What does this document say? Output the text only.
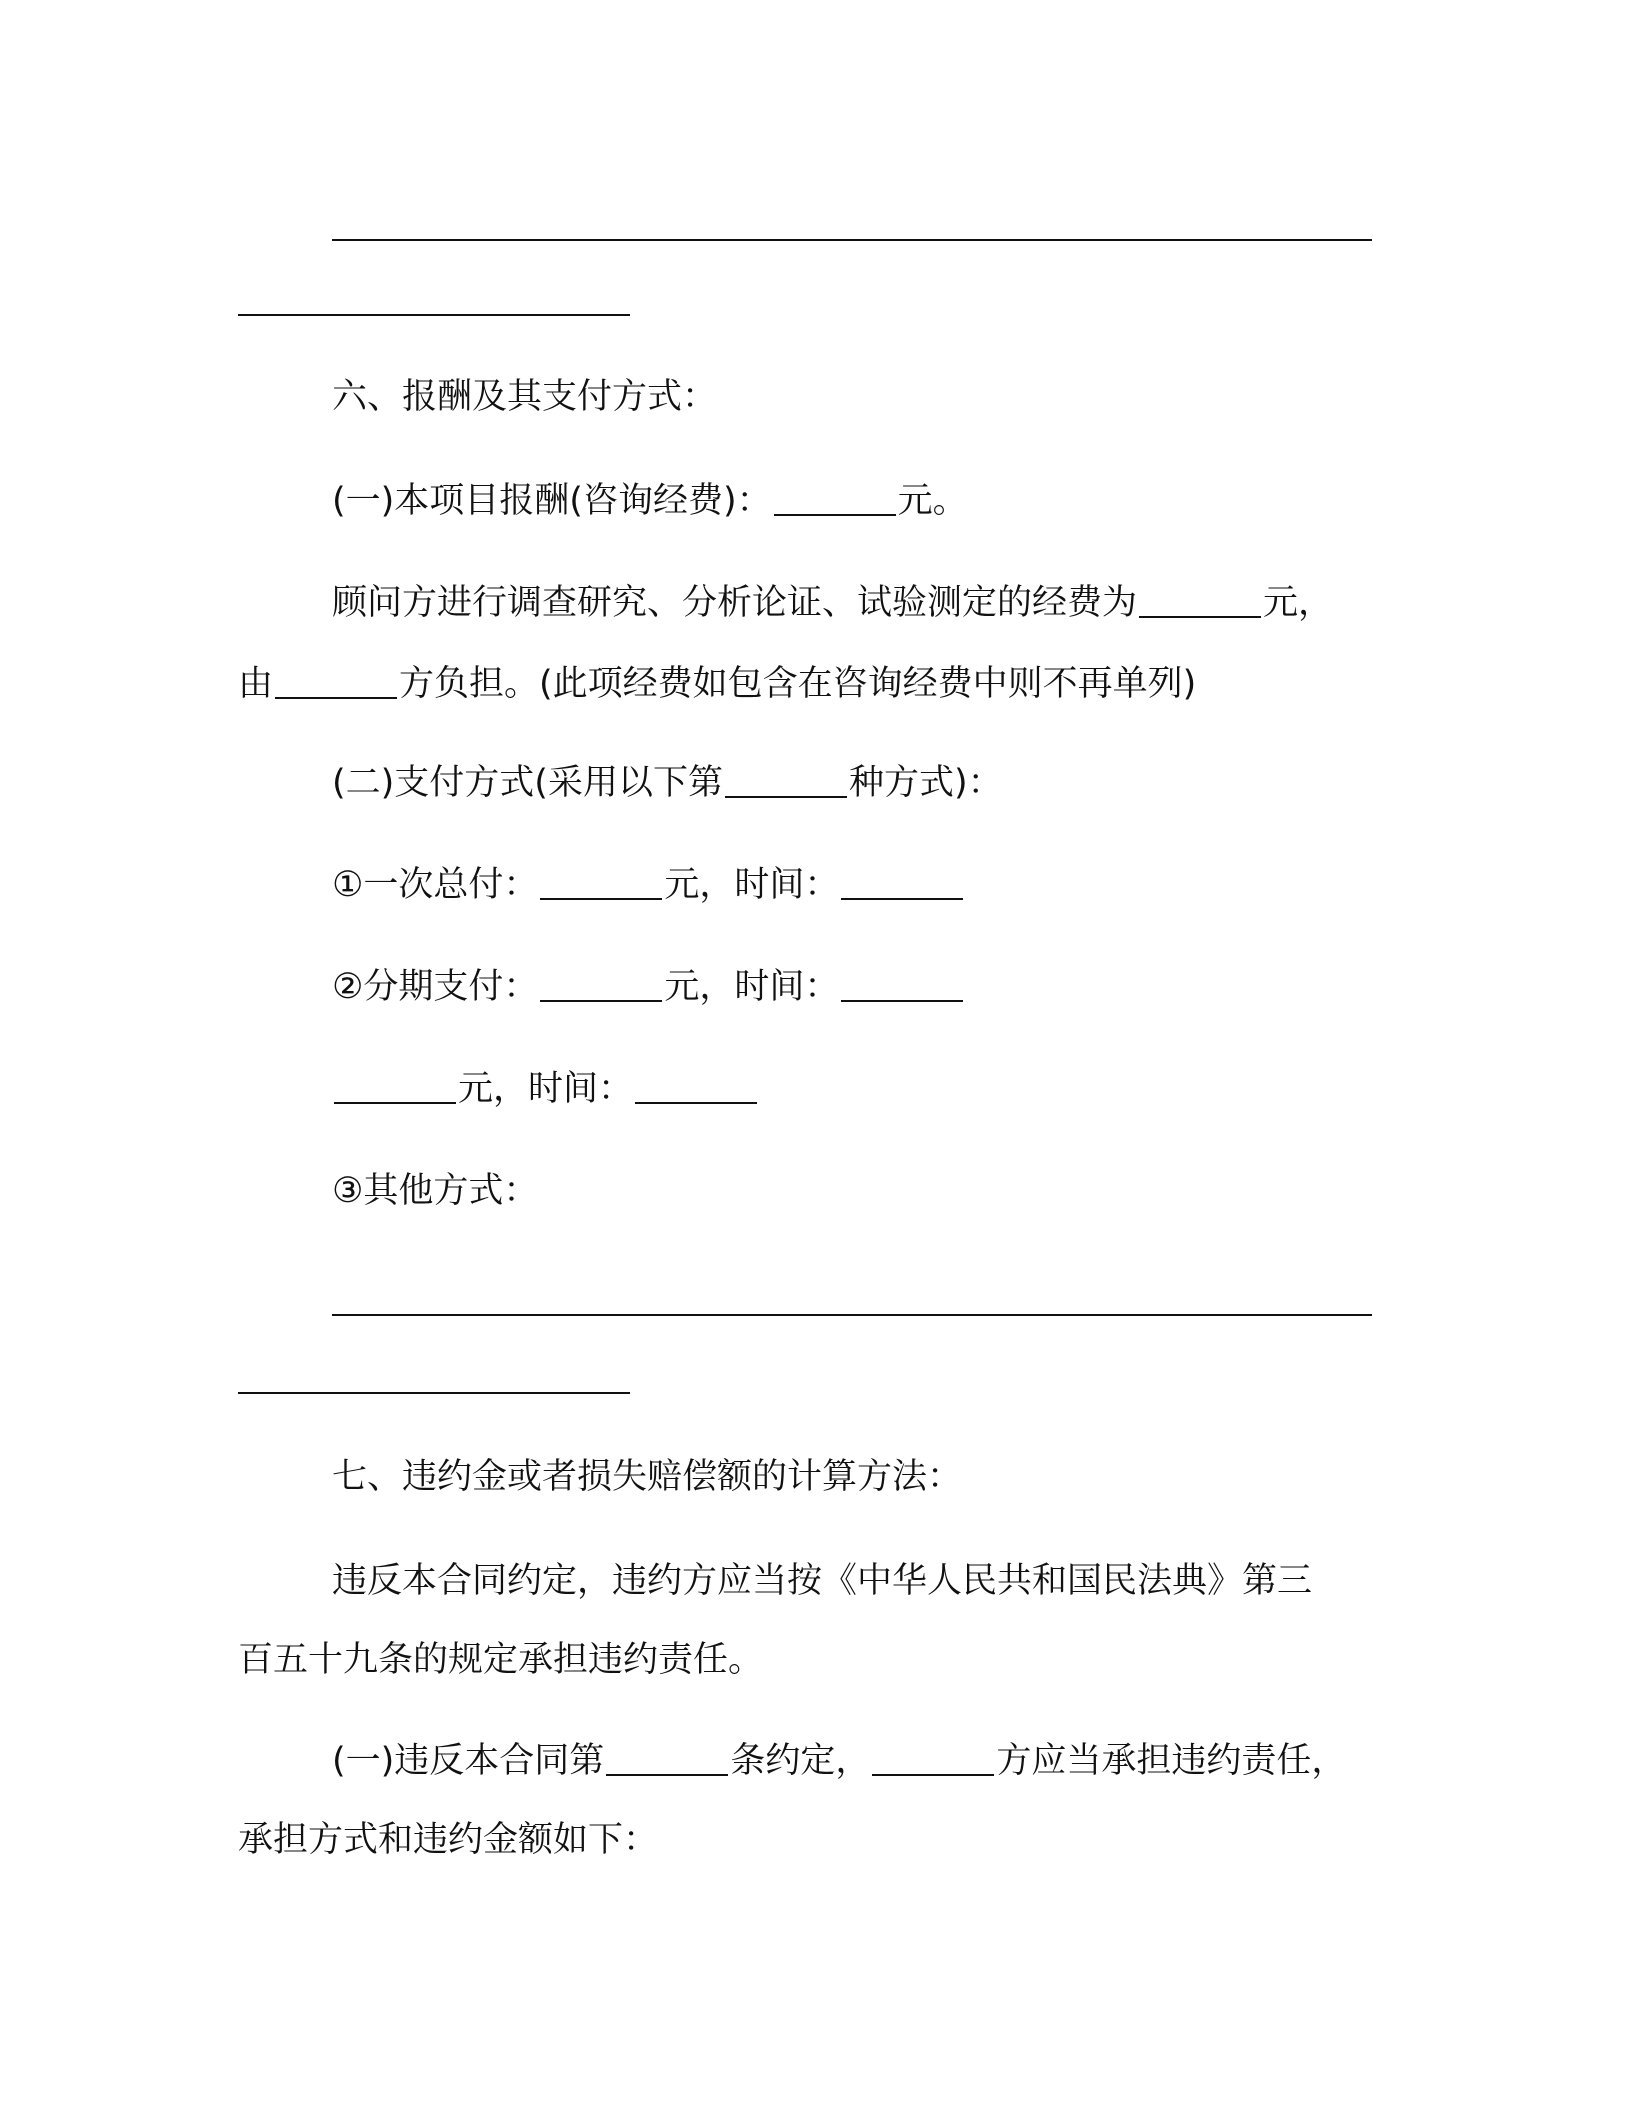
六、报酬及其支付方式：
(一)本项目报酬(咨询经费)：	元。
顾问方进行调查研究、分析论证、试验测定的经费为	元，
由	方负担。(此项经费如包含在咨询经费中则不再单列)
(二)支付方式(采用以下第	种方式)：
①一次总付：	元，时间：
②分期支付：	元，时间：
元，时间：
③其他方式：
七、违约金或者损失赔偿额的计算方法：
违反本合同约定，违约方应当按《中华人民共和国民法典》第三
百五十九条的规定承担违约责任。
(一)违反本合同第	条约定，	方应当承担违约责任，
承担方式和违约金额如下：
